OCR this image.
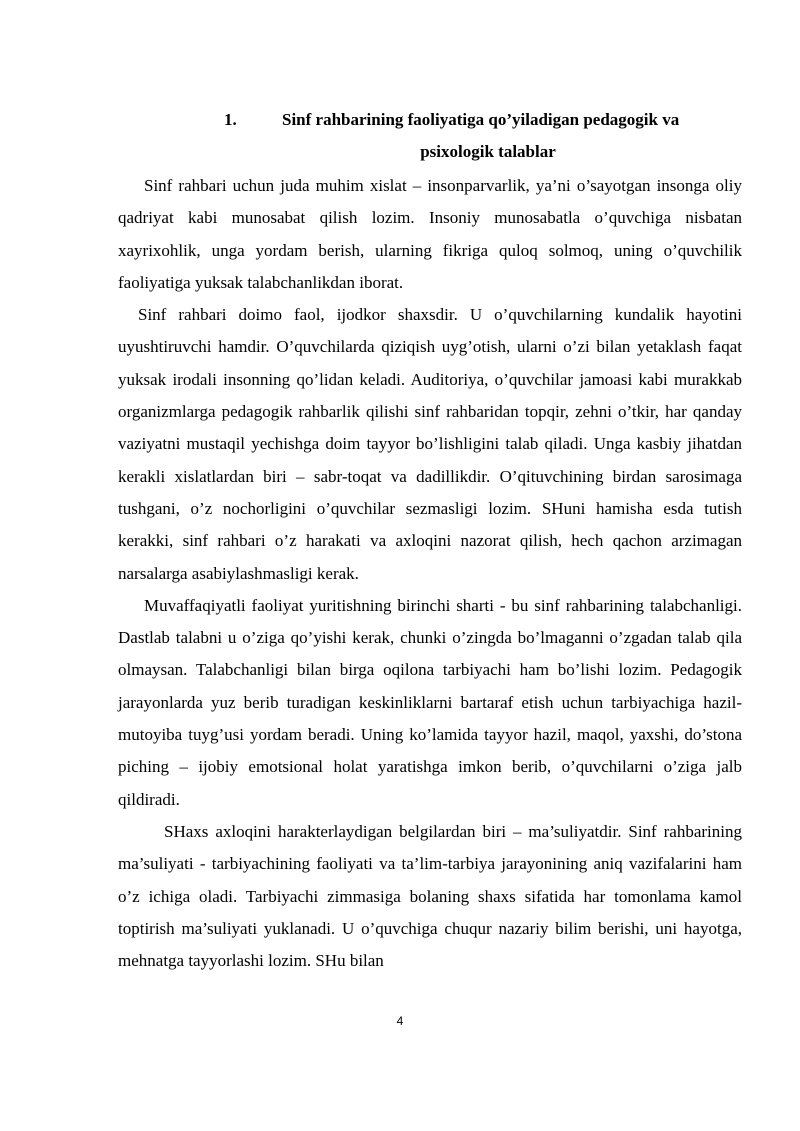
1.	Sinf rahbarining faoliyatiga qo’yiladigan pedagogik va
psixologik talablar

Sinf rahbari uchun juda muhim xislat – insonparvarlik, ya’ni o’sayotgan insonga oliy qadriyat kabi munosabat qilish lozim. Insoniy munosabatla o’quvchiga nisbatan xayrixohlik, unga yordam berish, ularning fikriga quloq solmoq, uning o’quvchilik faoliyatiga yuksak talabchanlikdan iborat.

Sinf rahbari doimo faol, ijodkor shaxsdir. U o’quvchilarning kundalik hayotini uyushtiruvchi hamdir. O’quvchilarda qiziqish uyg’otish, ularni o’zi bilan yetaklash faqat yuksak irodali insonning qo’lidan keladi. Auditoriya, o’quvchilar jamoasi kabi murakkab organizmlarga pedagogik rahbarlik qilishi sinf rahbaridan topqir, zehni o’tkir, har qanday vaziyatni mustaqil yechishga doim tayyor bo’lishligini talab qiladi. Unga kasbiy jihatdan kerakli xislatlardan biri – sabr-toqat va dadillikdir. O’qituvchining birdan sarosimaga tushgani, o’z nochorligini o’quvchilar sezmasligi lozim. SHuni hamisha esda tutish kerakki, sinf rahbari o’z harakati va axloqini nazorat qilish, hech qachon arzimagan narsalarga asabiylashmasligi kerak.

Muvaffaqiyatli faoliyat yuritishning birinchi sharti - bu sinf rahbarining talabchanligi. Dastlab talabni u o’ziga qo’yishi kerak, chunki o’zingda bo’lmaganni o’zgadan talab qila olmaysan. Talabchanligi bilan birga oqilona tarbiyachi ham bo’lishi lozim. Pedagogik jarayonlarda yuz berib turadigan keskinliklarni bartaraf etish uchun tarbiyachiga hazil-mutoyiba tuyg’usi yordam beradi. Uning ko’lamida tayyor hazil, maqol, yaxshi, do’stona piching – ijobiy emotsional holat yaratishga imkon berib, o’quvchilarni o’ziga jalb qildiradi.

SHaxs axloqini harakterlaydigan belgilardan biri – ma’suliyatdir. Sinf rahbarining ma’suliyati - tarbiyachining faoliyati va ta’lim-tarbiya jarayonining aniq vazifalarini ham o’z ichiga oladi. Tarbiyachi zimmasiga bolaning shaxs sifatida har tomonlama kamol toptirish ma’suliyati yuklanadi. U o’quvchiga chuqur nazariy bilim berishi, uni hayotga, mehnatga tayyorlashi lozim. SHu bilan

4
